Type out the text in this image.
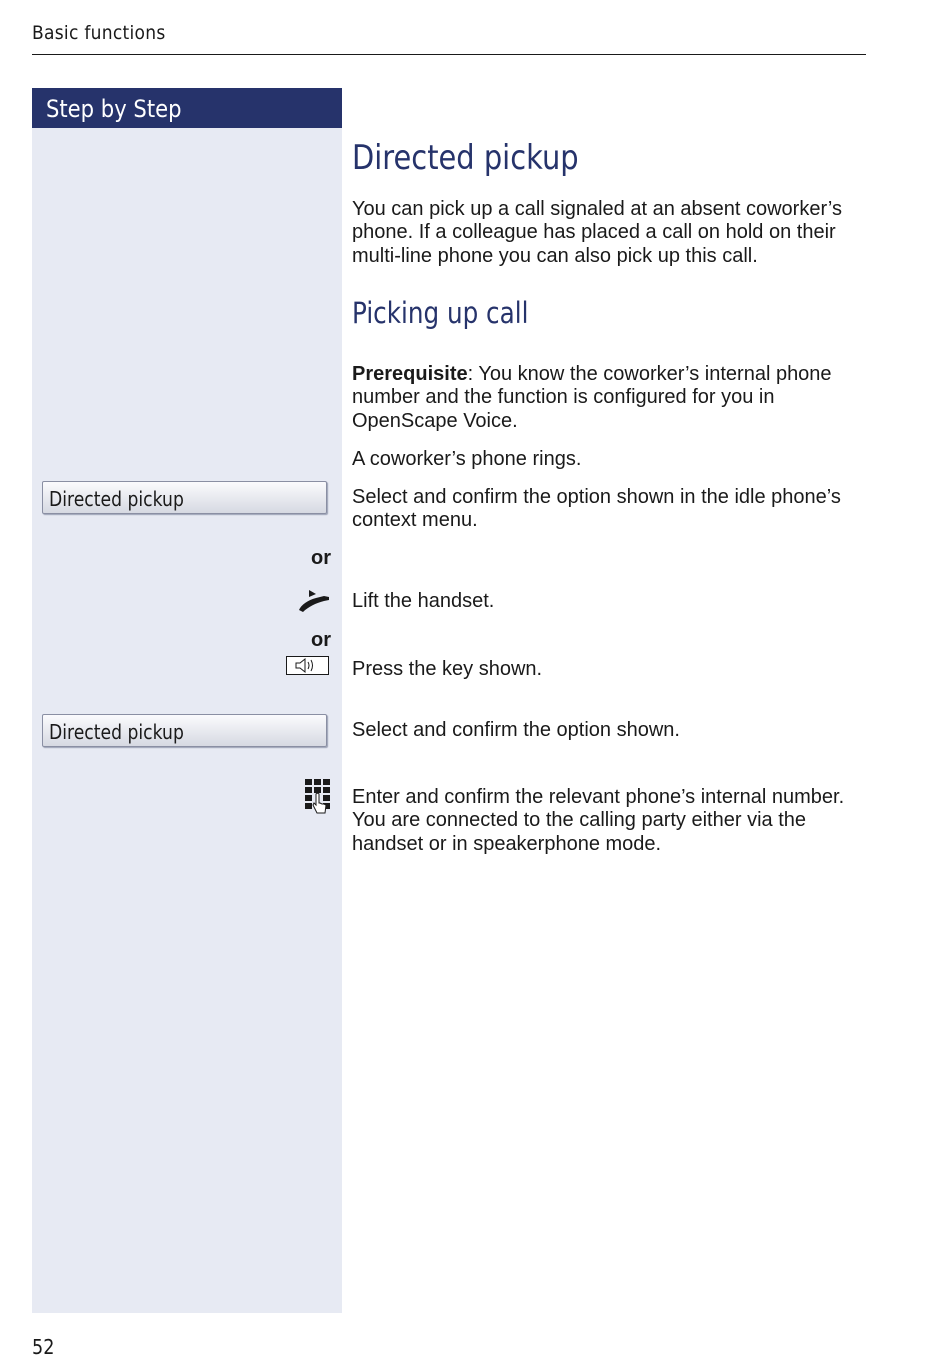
Basic functions
Step by Step
Directed pickup
You can pick up a call signaled at an absent coworker’s phone. If a colleague has placed a call on hold on their multi-line phone you can also pick up this call.
Picking up call
Prerequisite: You know the coworker’s internal phone number and the function is configured for you in OpenScape Voice.
A coworker’s phone rings.
Directed pickup	Select and confirm the option shown in the idle phone’s context menu.
or
Lift the handset.
or
Press the key shown.
Directed pickup	Select and confirm the option shown.
Enter and confirm the relevant phone’s internal number. You are connected to the calling party either via the handset or in speakerphone mode.
52
